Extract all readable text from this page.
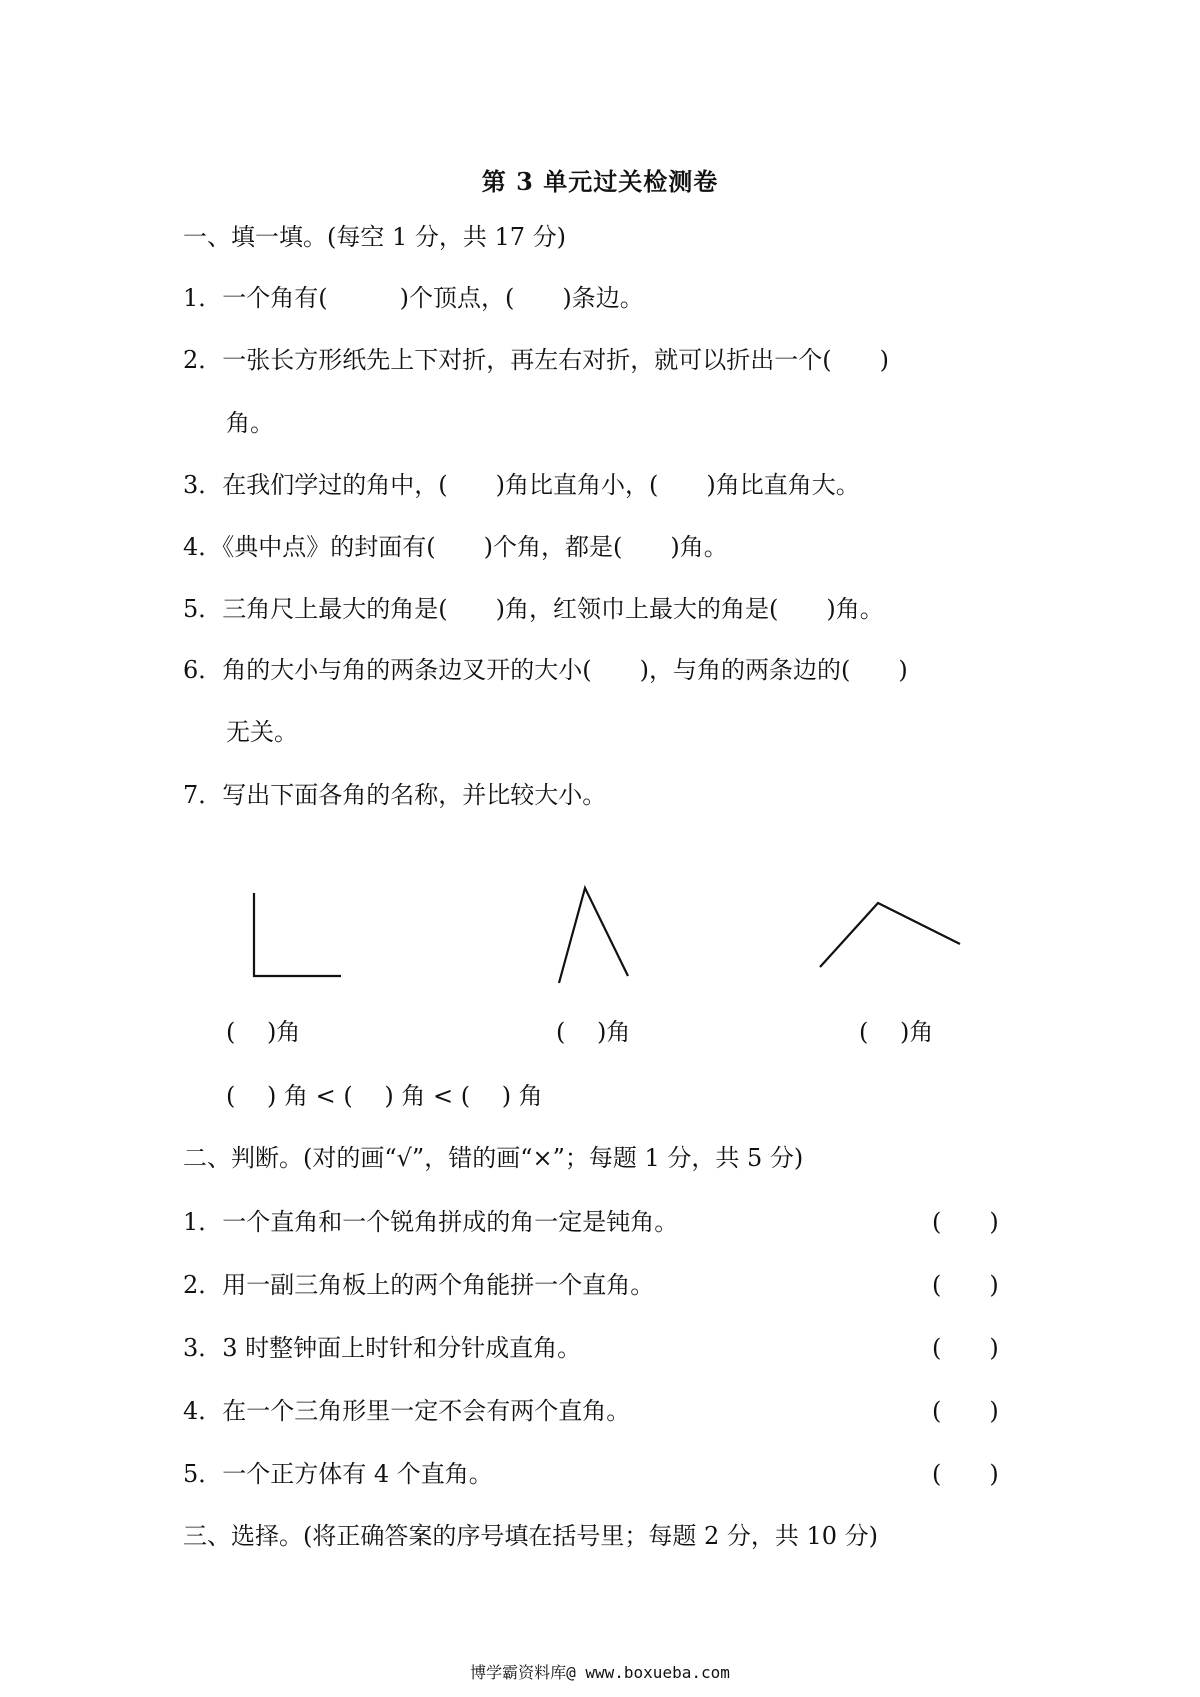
第 3 单元过关检测卷
一、填一填。(每空 1 分，共 17 分)
1．一个角有(　　　)个顶点，(　　)条边。
2．一张长方形纸先上下对折，再左右对折，就可以折出一个(　　)
角。
3．在我们学过的角中，(　　)角比直角小，(　　)角比直角大。
4．《典中点》的封面有(　　)个角，都是(　　)角。
5．三角尺上最大的角是(　　)角，红领巾上最大的角是(　　)角。
6．角的大小与角的两条边叉开的大小(　　)，与角的两条边的(　　)
无关。
7．写出下面各角的名称，并比较大小。
(　 )角	(　 )角	(　 )角
(　 ) 角 < (　 ) 角 < (　 ) 角
二、判断。(对的画“√”，错的画“×”；每题 1 分，共 5 分)
1．一个直角和一个锐角拼成的角一定是钝角。	(　　)
2．用一副三角板上的两个角能拼一个直角。	(　　)
3．3 时整钟面上时针和分针成直角。	(　　)
4．在一个三角形里一定不会有两个直角。	(　　)
5．一个正方体有 4 个直角。	(　　)
三、选择。(将正确答案的序号填在括号里；每题 2 分，共 10 分)
博学霸资料库@ www.boxueba.com
